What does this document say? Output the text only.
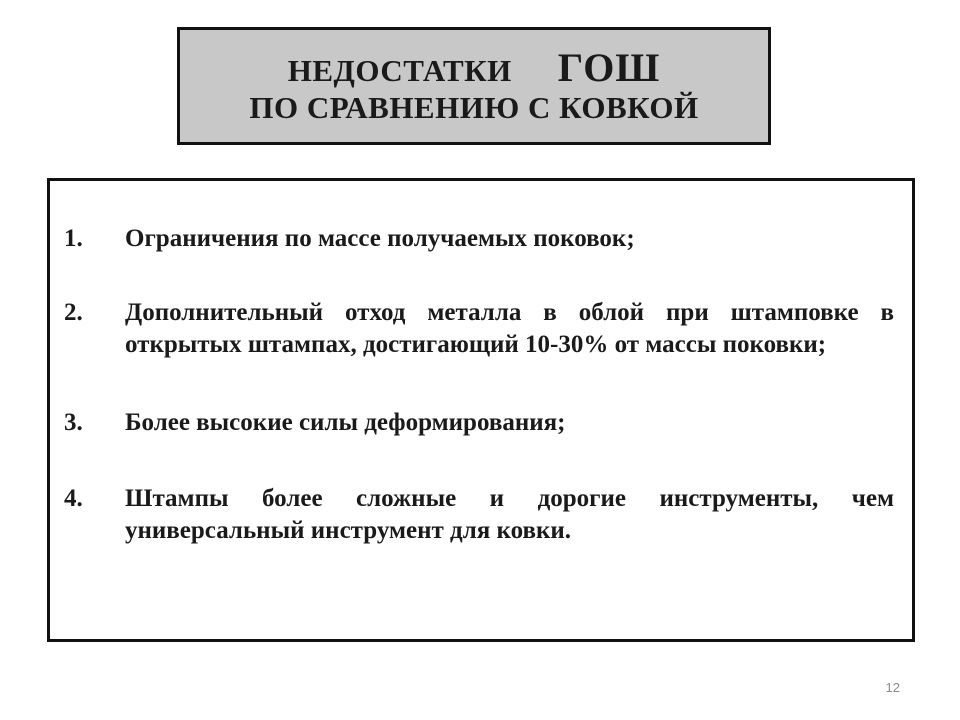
НЕДОСТАТКИ ГОШ
ПО СРАВНЕНИЮ С КОВКОЙ
1.	Ограничения по массе получаемых поковок;
2.	Дополнительный отход металла в облой при штамповке в открытых штампах, достигающий 10-30% от массы поковки;
3.	Более высокие силы деформирования;
4.	Штампы более сложные и дорогие инструменты, чем универсальный инструмент для ковки.
12
